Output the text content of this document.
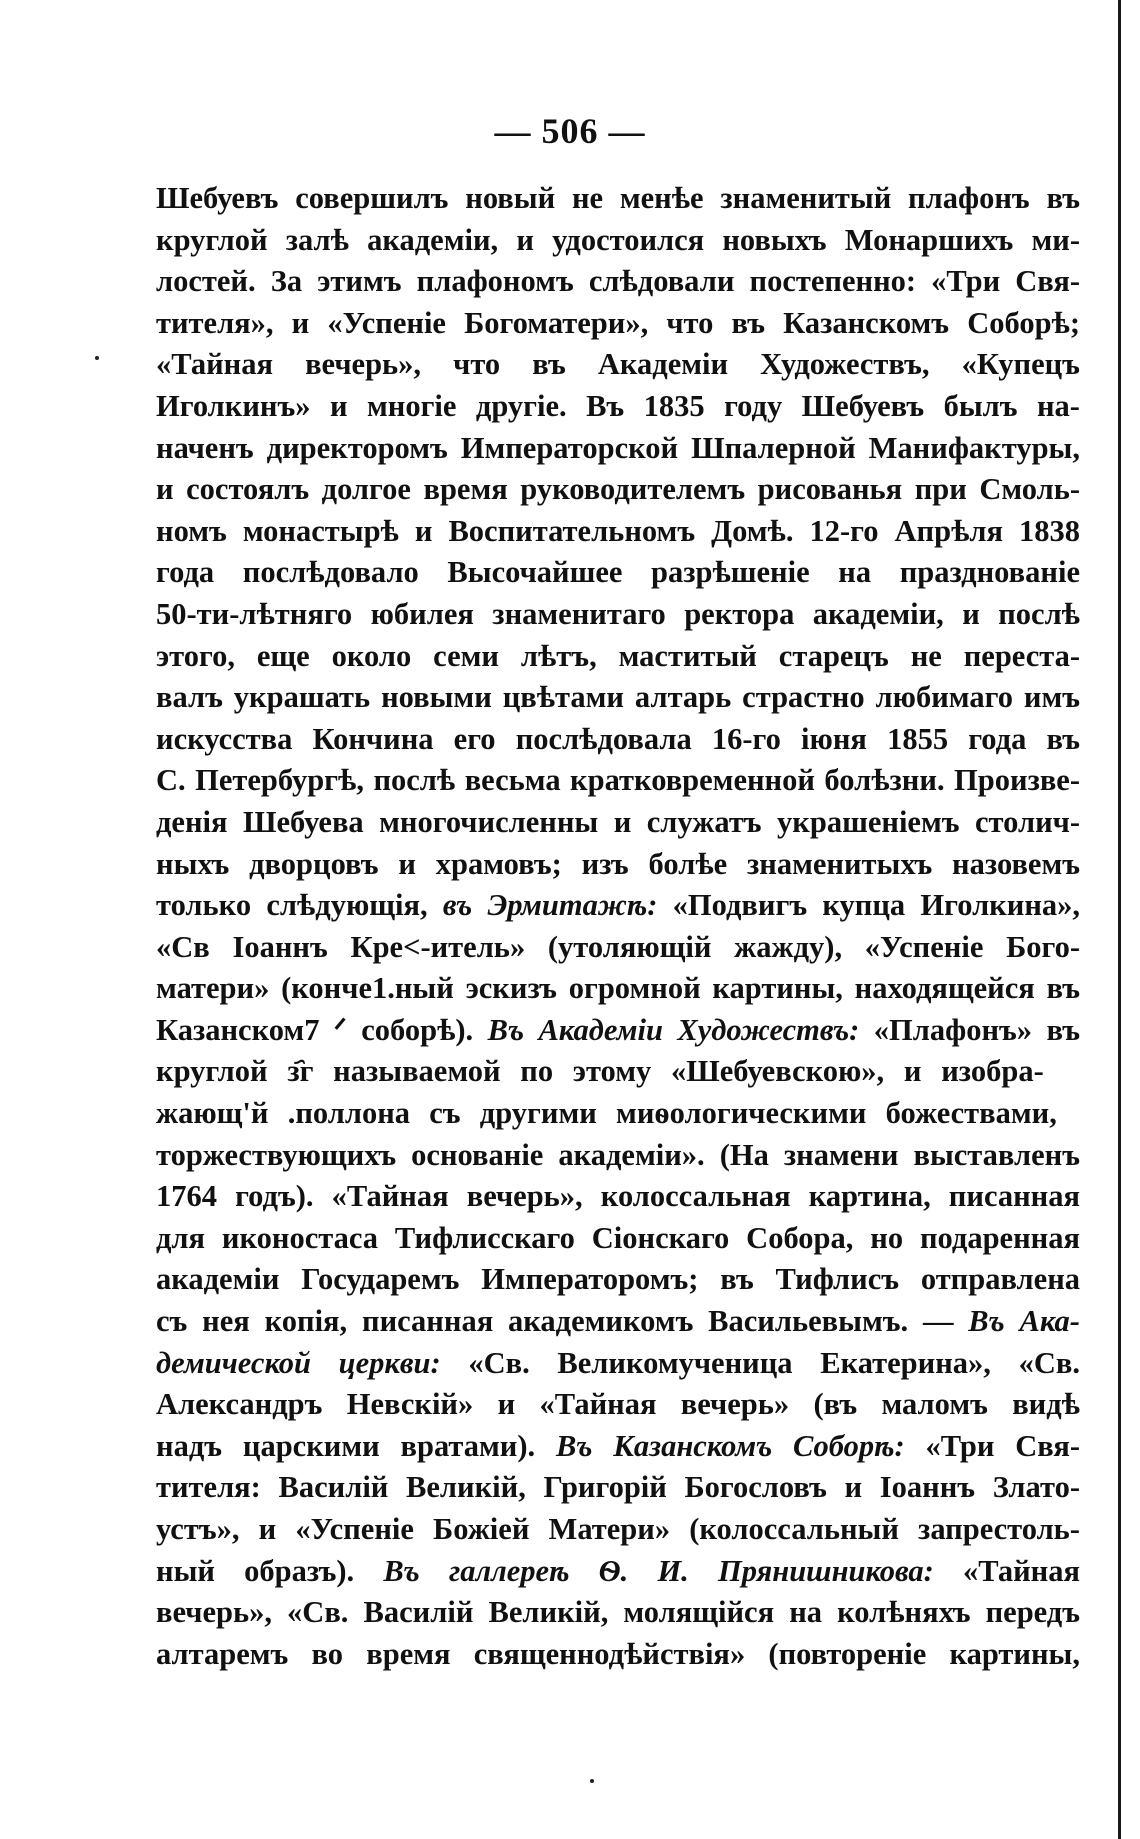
— 506 —
Шебуевъ совершилъ новый не менѣе знаменитый плафонъ въ
круглой залѣ академіи, и удостоился новыхъ Монаршихъ ми-
лостей. За этимъ плафономъ слѣдовали постепенно: «Три Свя-
тителя», и «Успеніе Богоматери», что въ Казанскомъ Соборѣ;
«Тайная вечерь», что въ Академіи Художествъ, «Купецъ
Иголкинъ» и многіе другіе. Въ 1835 году Шебуевъ былъ на-
наченъ директоромъ Императорской Шпалерной Манифактуры,
и состоялъ долгое время руководителемъ рисованья при Смоль-
номъ монастырѣ и Воспитательномъ Домѣ. 12-го Апрѣля 1838
года послѣдовало Высочайшее разрѣшеніе на празднованіе
50-ти-лѣтняго юбилея знаменитаго ректора академіи, и послѣ
этого, еще около семи лѣтъ, маститый старецъ не переста-
валъ украшать новыми цвѣтами алтарь страстно любимаго имъ
искусства Кончина его послѣдовала 16-го іюня 1855 года въ
С. Петербургѣ, послѣ весьма кратковременной болѣзни. Произве-
денія Шебуева многочисленны и служатъ украшеніемъ столич-
ныхъ дворцовъ и храмовъ; изъ болѣе знаменитыхъ назовемъ
только слѣдующія, въ Эрмитажѣ: «Подвигъ купца Иголкина»,
«Св Іоаннъ Кре<-итель» (утоляющій жажду), «Успеніе Бого-
матери» (конче1.ный эскизъ огромной картины, находящейся въ
Казанском7 ᐟ соборѣ). Въ Академіи Художествъ: «Плафонъ» въ
круглой з҄г называемой по этому «Шебуевскою», и изобра-
жающ'й .поллона съ другими миѳологическими божествами,
торжествующихъ основаніе академіи». (На знамени выставленъ
1764 годъ). «Тайная вечерь», колоссальная картина, писанная
для иконостаса Тифлисскаго Сіонскаго Собора, но подаренная
академіи Государемъ Императоромъ; въ Тифлисъ отправлена
съ нея копія, писанная академикомъ Васильевымъ. — Въ Ака-
демической церкви: «Св. Великомученица Екатерина», «Св.
Александръ Невскій» и «Тайная вечерь» (въ маломъ видѣ
надъ царскими вратами). Въ Казанскомъ Соборѣ: «Три Свя-
тителя: Василій Великій, Григорій Богословъ и Іоаннъ Злато-
устъ», и «Успеніе Божіей Матери» (колоссальный запрестоль-
ный образъ). Въ галлереѣ Ѳ. И. Прянишникова: «Тайная
вечерь», «Св. Василій Великій, молящійся на колѣняхъ передъ
алтаремъ во время священнодѣйствія» (повтореніе картины,
